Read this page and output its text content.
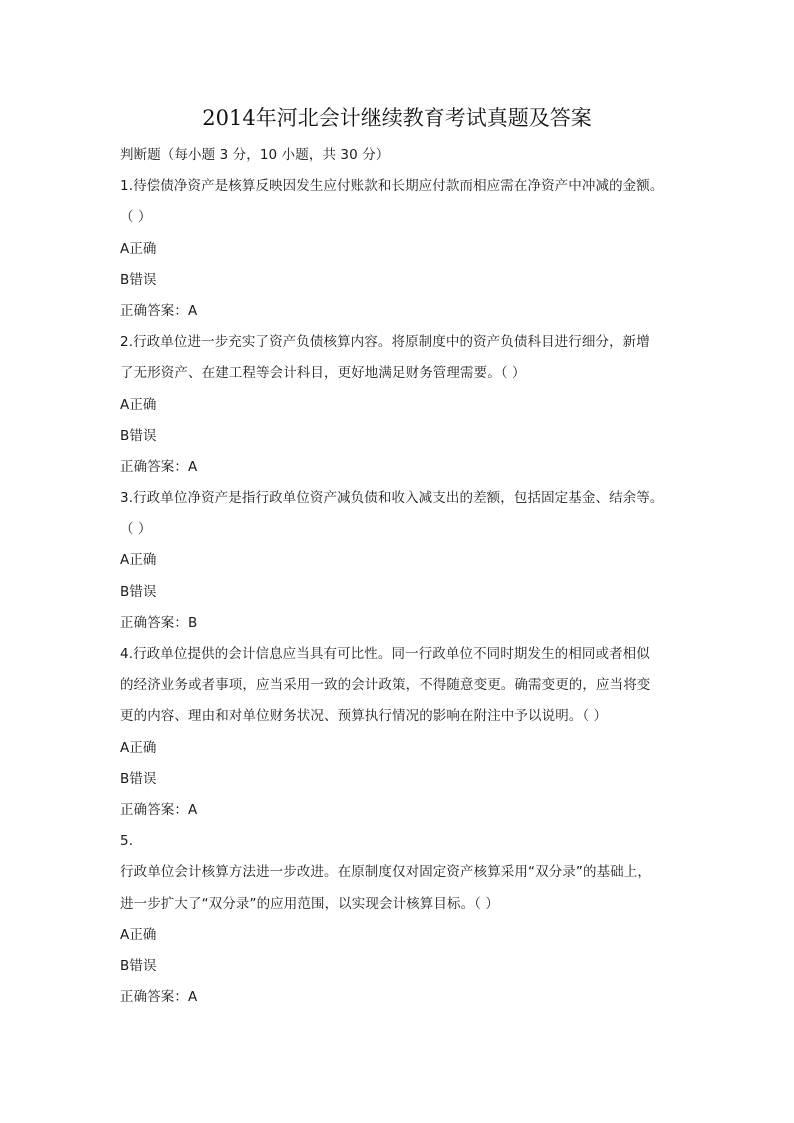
2014年河北会计继续教育考试真题及答案
判断题（每小题 3 分，10 小题，共 30 分）
1.待偿债净资产是核算反映因发生应付账款和长期应付款而相应需在净资产中冲减的金额。
（ ）
A正确
B错误
正确答案：A
2.行政单位进一步充实了资产负债核算内容。将原制度中的资产负债科目进行细分，新增
了无形资产、在建工程等会计科目，更好地满足财务管理需要。（ ）
A正确
B错误
正确答案：A
3.行政单位净资产是指行政单位资产减负债和收入减支出的差额，包括固定基金、结余等。
（ ）
A正确
B错误
正确答案：B
4.行政单位提供的会计信息应当具有可比性。同一行政单位不同时期发生的相同或者相似
的经济业务或者事项，应当采用一致的会计政策，不得随意变更。确需变更的，应当将变
更的内容、理由和对单位财务状况、预算执行情况的影响在附注中予以说明。（ ）
A正确
B错误
正确答案：A
5.
行政单位会计核算方法进一步改进。在原制度仅对固定资产核算采用“双分录”的基础上，
进一步扩大了“双分录”的应用范围，以实现会计核算目标。（ ）
A正确
B错误
正确答案：A
